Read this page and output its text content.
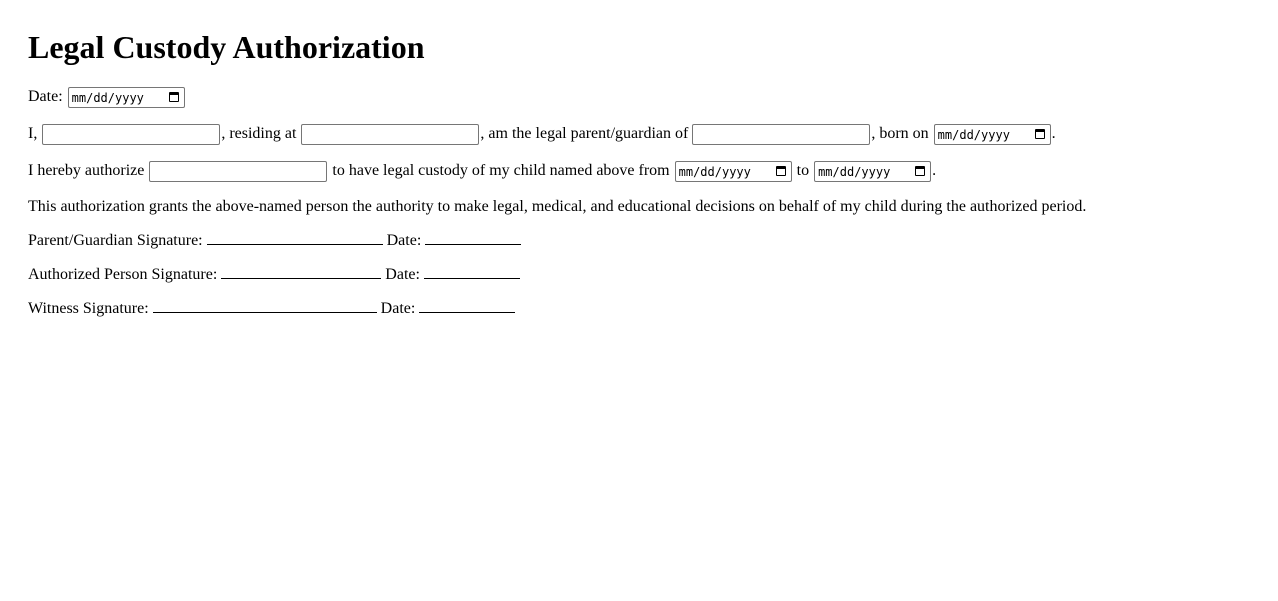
Legal Custody Authorization
Date: mm/dd/yyyy
I,	, residing at	, am the legal parent/guardian of	, born on mm/dd/yyyy	.
I hereby authorize	to have legal custody of my child named above from mm/dd/yyyy	to mm/dd/yyyy	.
This authorization grants the above-named person the authority to make legal, medical, and educational decisions on behalf of my child during the authorized period.
Parent/Guardian Signature:	Date:
Authorized Person Signature:	Date:
Witness Signature:	Date:
